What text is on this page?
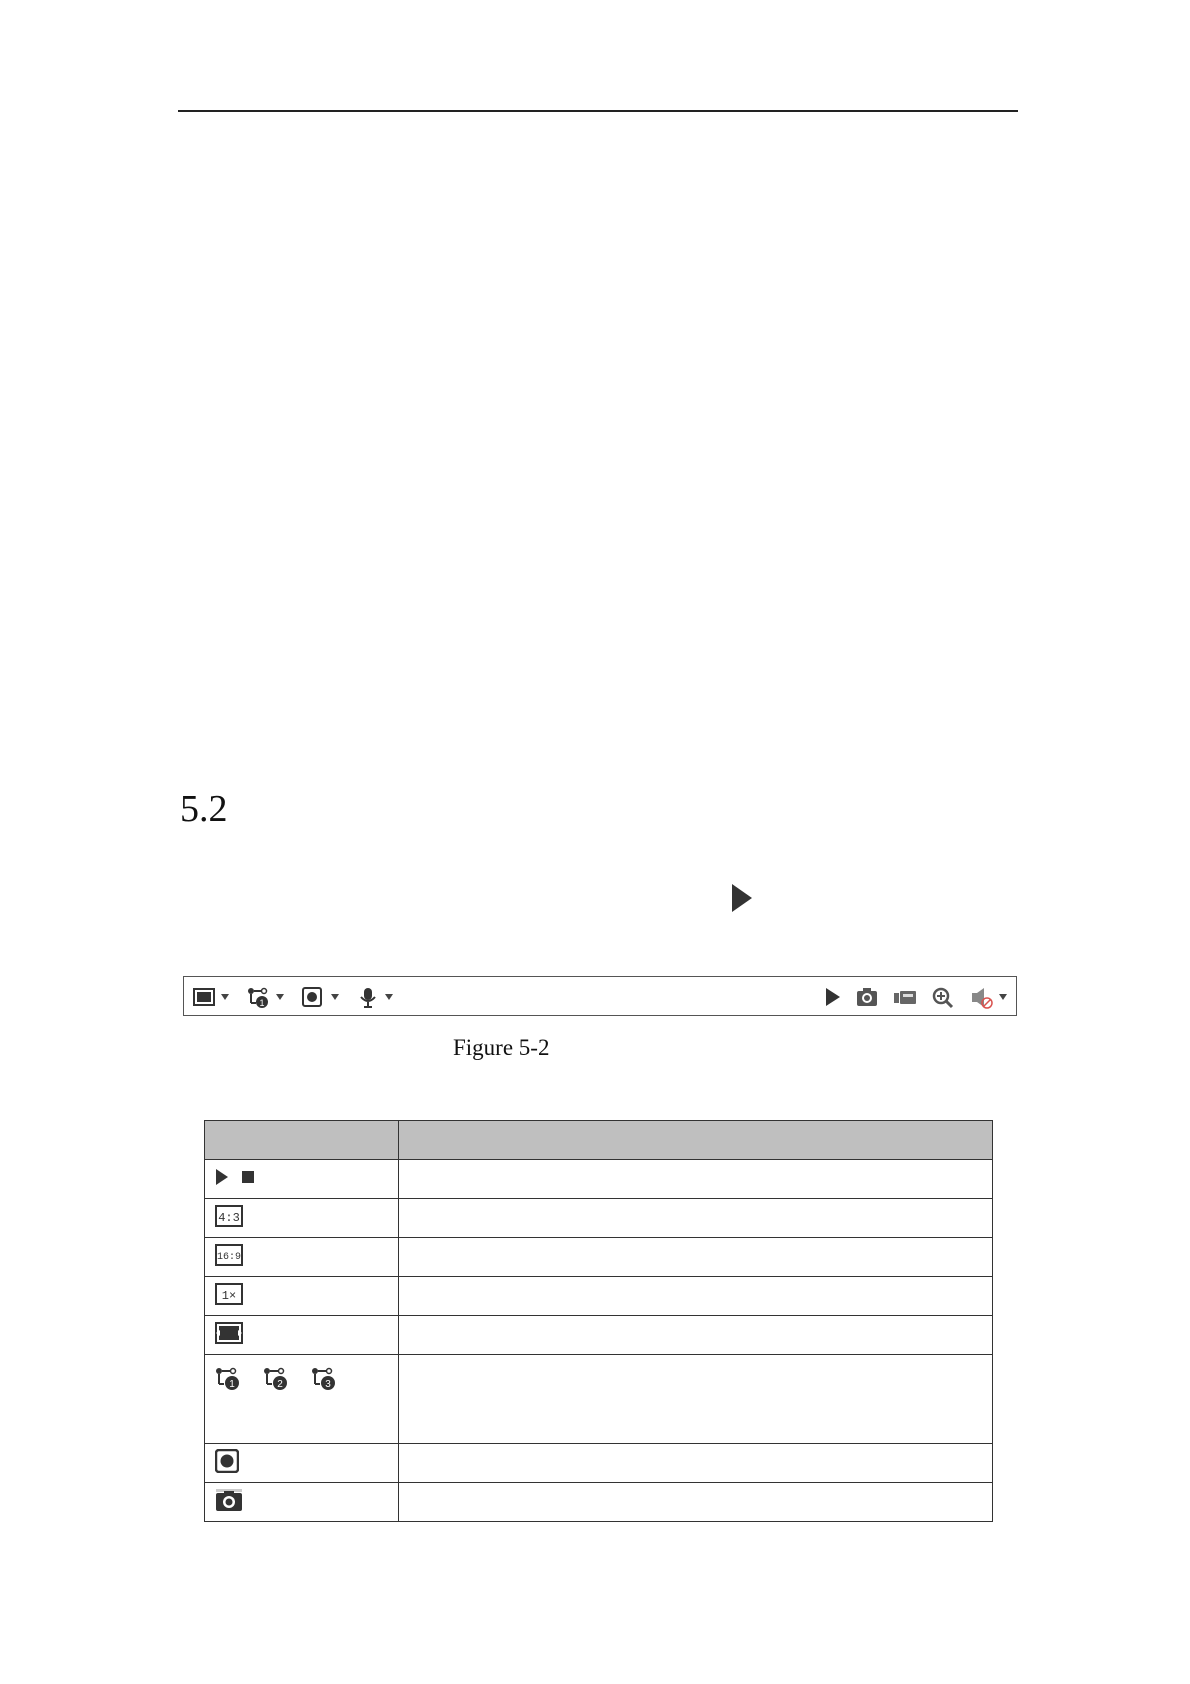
5.2
1
Figure 5-2

4:3	

16:9	

1×	

1 2 3	
